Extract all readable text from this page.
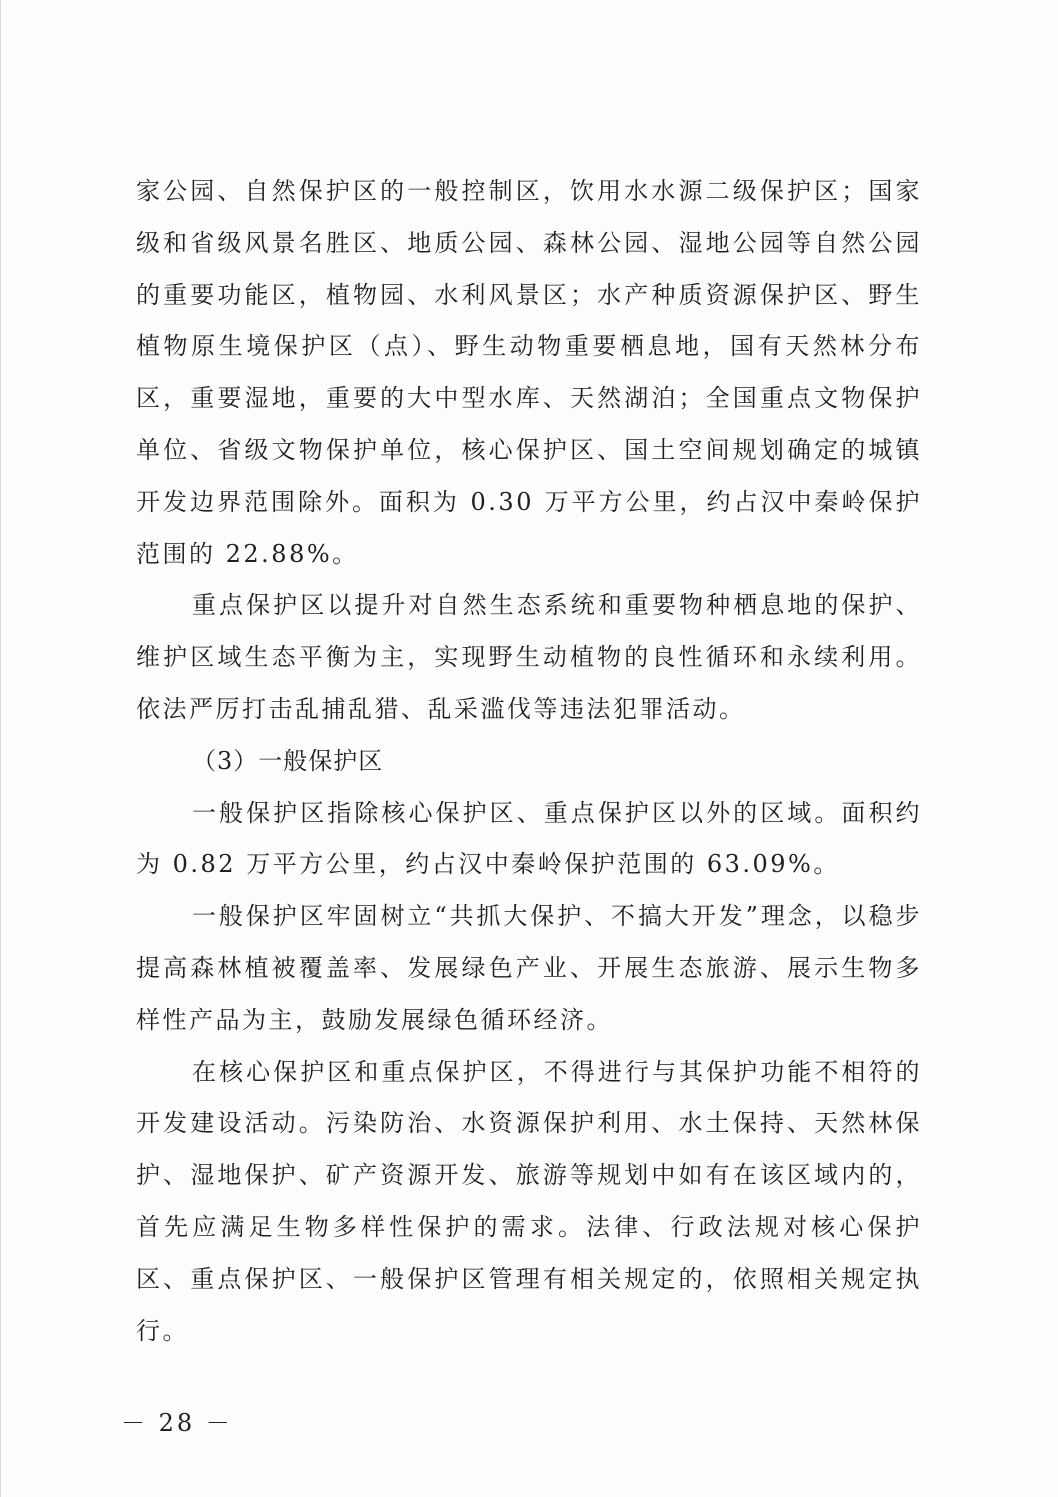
家公园、自然保护区的一般控制区，饮用水水源二级保护区；国家级和省级风景名胜区、地质公园、森林公园、湿地公园等自然公园的重要功能区，植物园、水利风景区；水产种质资源保护区、野生植物原生境保护区（点）、野生动物重要栖息地，国有天然林分布区，重要湿地，重要的大中型水库、天然湖泊；全国重点文物保护单位、省级文物保护单位，核心保护区、国土空间规划确定的城镇开发边界范围除外。面积为 0.30 万平方公里，约占汉中秦岭保护范围的 22.88%。

重点保护区以提升对自然生态系统和重要物种栖息地的保护、维护区域生态平衡为主，实现野生动植物的良性循环和永续利用。依法严厉打击乱捕乱猎、乱采滥伐等违法犯罪活动。

（3）一般保护区

一般保护区指除核心保护区、重点保护区以外的区域。面积约为 0.82 万平方公里，约占汉中秦岭保护范围的 63.09%。

一般保护区牢固树立“共抓大保护、不搞大开发”理念，以稳步提高森林植被覆盖率、发展绿色产业、开展生态旅游、展示生物多样性产品为主，鼓励发展绿色循环经济。

在核心保护区和重点保护区，不得进行与其保护功能不相符的开发建设活动。污染防治、水资源保护利用、水土保持、天然林保护、湿地保护、矿产资源开发、旅游等规划中如有在该区域内的，首先应满足生物多样性保护的需求。法律、行政法规对核心保护区、重点保护区、一般保护区管理有相关规定的，依照相关规定执行。

－ 28 －
